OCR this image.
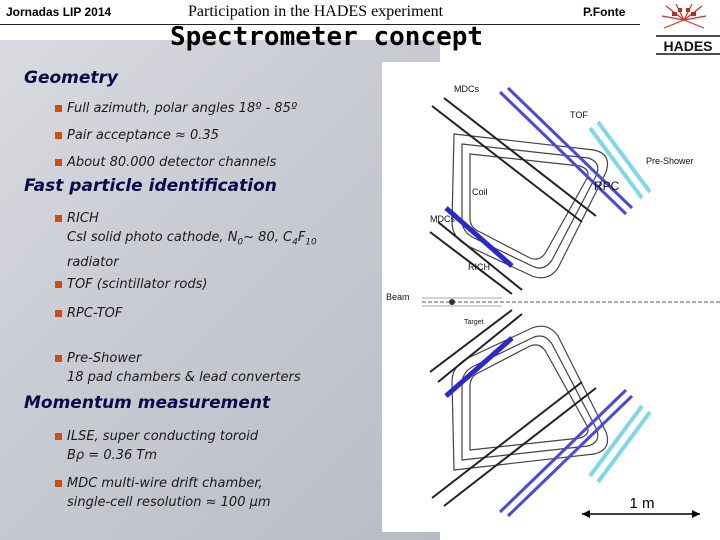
Jornadas LIP 2014	Participation in the HADES experiment	P.Fonte
Spectrometer concept	HADES
Geometry
Full azimuth, polar angles 18º - 85º
Pair acceptance ≈ 0.35
About 80.000 detector channels
Fast particle identification
RICH
CsI solid photo cathode, $N_0\sim$ 80, $C_4F_{10}$
radiator
TOF (scintillator rods)
RPC-TOF
Pre-Shower
18 pad chambers & lead converters
Momentum measurement
ILSE, super conducting toroid
Bρ = 0.36 Tm
MDC multi-wire drift chamber,
single-cell resolution ≈ 100 μm
MDCs
TOF
Pre-Shower
Coil	RPC
MDCs
RICH
Beam
Target
1 m
